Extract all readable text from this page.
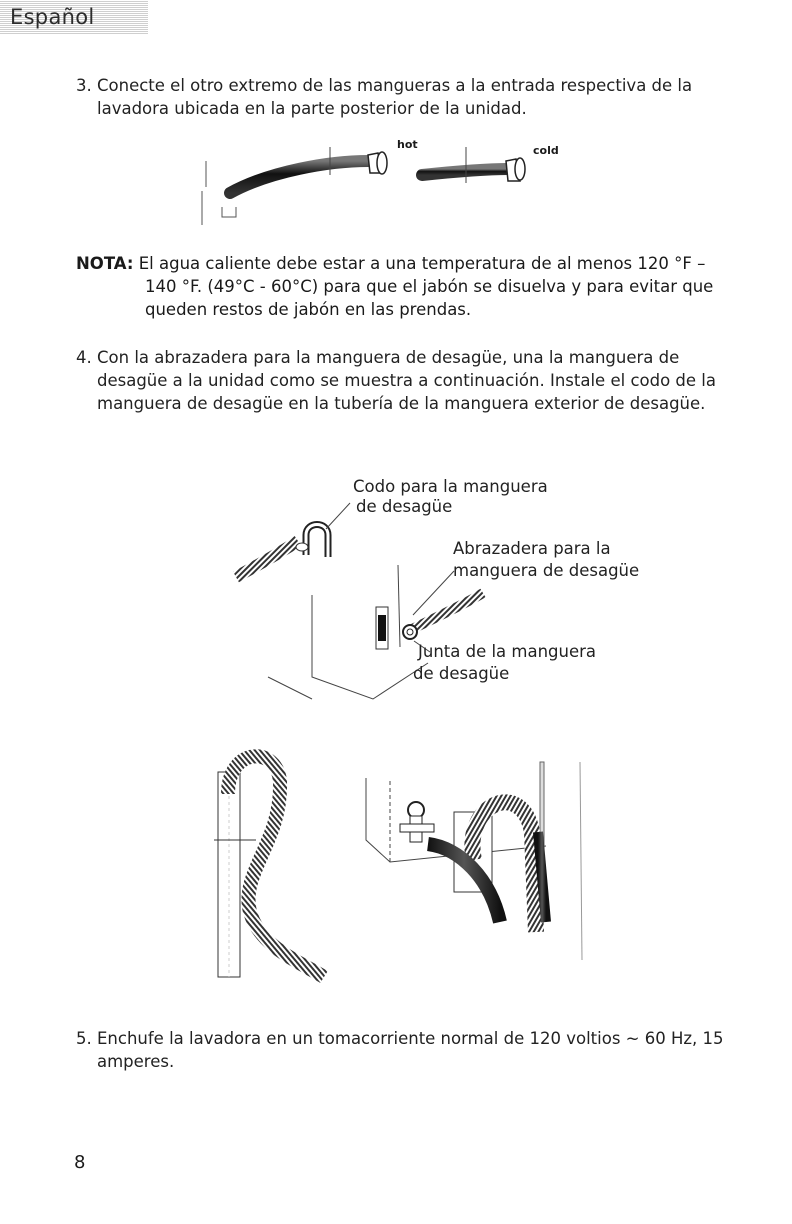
Español
3. Conecte el otro extremo de las mangueras a la entrada respectiva de la lavadora ubicada en la parte posterior de la unidad.
hot	cold
NOTA: El agua caliente debe estar a una temperatura de al menos 120 °F –
140 °F. (49°C - 60°C) para que el jabón se disuelva y para evitar que queden restos de jabón en las prendas.
4. Con la abrazadera para la manguera de desagüe, una la manguera de desagüe a la unidad como se muestra a continuación. Instale el codo de la manguera de desagüe en la tubería de la manguera exterior de desagüe.
Codo para la manguera
de desagüe
Abrazadera para la
manguera de desagüe
Junta de la manguera
de desagüe
5. Enchufe la lavadora en un tomacorriente normal de 120 voltios ~ 60 Hz, 15 amperes.
8
